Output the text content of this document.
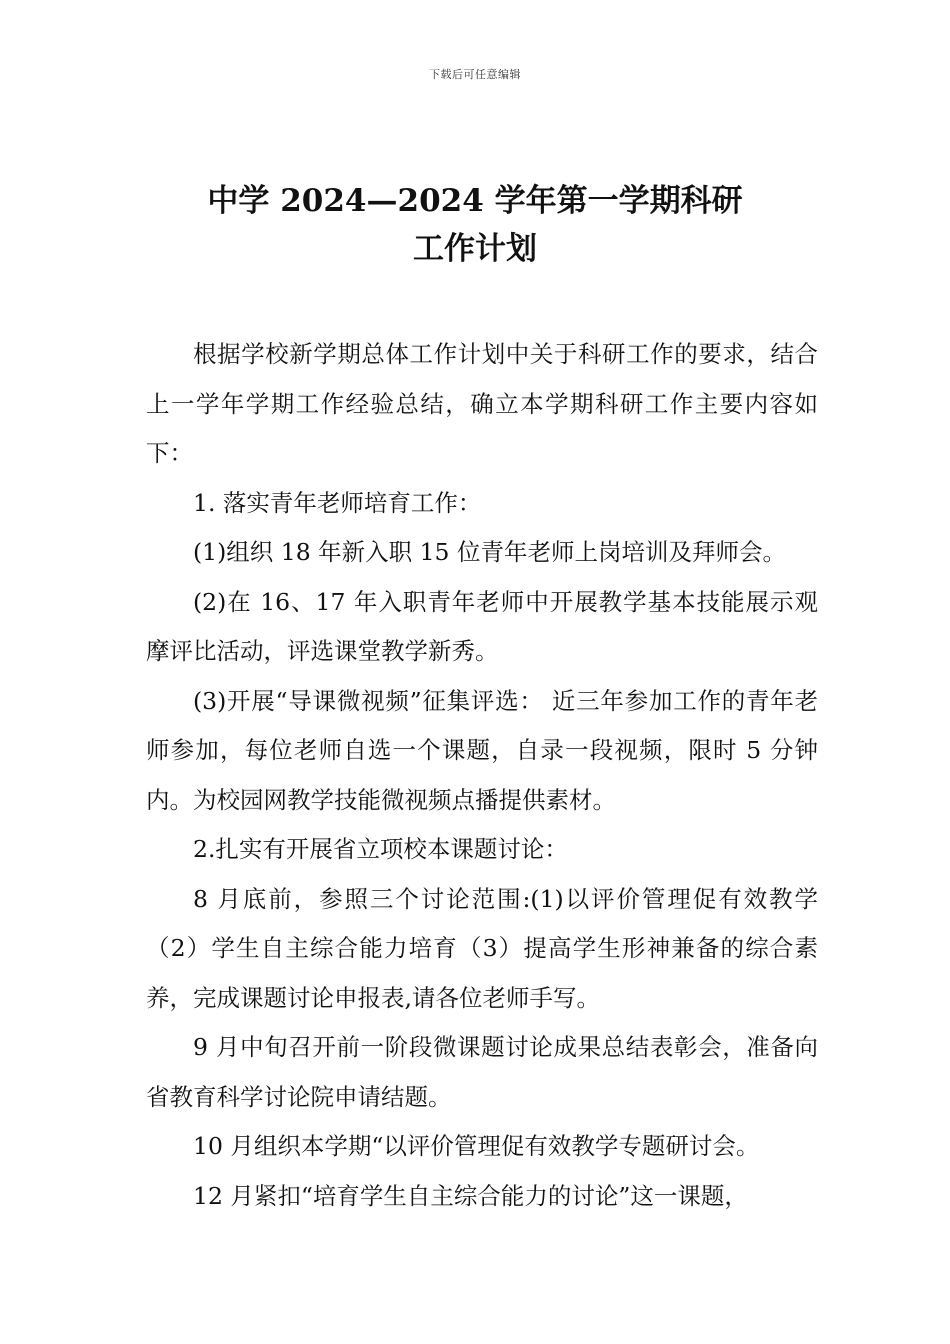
下载后可任意编辑
中学 2024—2024 学年第一学期科研
工作计划

根据学校新学期总体工作计划中关于科研工作的要求，结合上一学年学期工作经验总结，确立本学期科研工作主要内容如下：

1. 落实青年老师培育工作：

(1)组织 18 年新入职 15 位青年老师上岗培训及拜师会。

(2)在 16、17 年入职青年老师中开展教学基本技能展示观摩评比活动，评选课堂教学新秀。

(3)开展“导课微视频”征集评选： 近三年参加工作的青年老师参加，每位老师自选一个课题，自录一段视频，限时 5 分钟内。为校园网教学技能微视频点播提供素材。

2.扎实有开展省立项校本课题讨论：

8 月底前，参照三个讨论范围:(1)以评价管理促有效教学（2）学生自主综合能力培育（3）提高学生形神兼备的综合素养，完成课题讨论申报表,请各位老师手写。

9 月中旬召开前一阶段微课题讨论成果总结表彰会，准备向省教育科学讨论院申请结题。

10 月组织本学期“以评价管理促有效教学专题研讨会。

12 月紧扣“培育学生自主综合能力的讨论”这一课题，
